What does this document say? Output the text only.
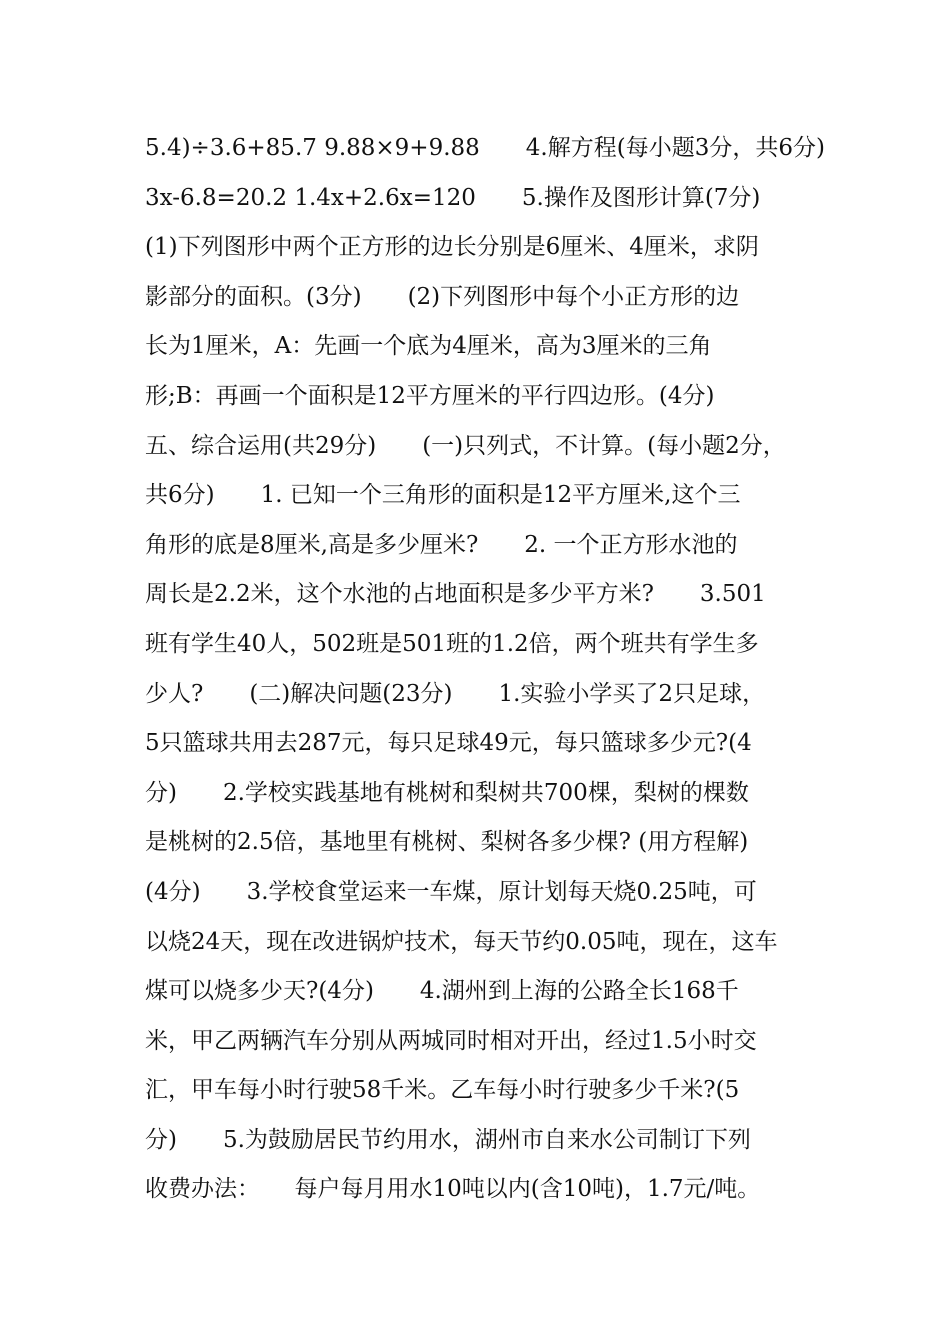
5.4)÷3.6+85.7 9.88×9+9.88　　4.解方程(每小题3分，共6分)
3x-6.8=20.2 1.4x+2.6x=120　　5.操作及图形计算(7分)
(1)下列图形中两个正方形的边长分别是6厘米、4厘米，求阴
影部分的面积。(3分)　　(2)下列图形中每个小正方形的边
长为1厘米，A：先画一个底为4厘米，高为3厘米的三角
形;B：再画一个面积是12平方厘米的平行四边形。(4分)
五、综合运用(共29分)　　(一)只列式，不计算。(每小题2分，
共6分)　　1. 已知一个三角形的面积是12平方厘米,这个三
角形的底是8厘米,高是多少厘米?　　2. 一个正方形水池的
周长是2.2米，这个水池的占地面积是多少平方米?　　3.501
班有学生40人，502班是501班的1.2倍，两个班共有学生多
少人?　　(二)解决问题(23分)　　1.实验小学买了2只足球，
5只篮球共用去287元，每只足球49元，每只篮球多少元?(4
分)　　2.学校实践基地有桃树和梨树共700棵，梨树的棵数
是桃树的2.5倍，基地里有桃树、梨树各多少棵? (用方程解)
(4分)　　3.学校食堂运来一车煤，原计划每天烧0.25吨，可
以烧24天，现在改进锅炉技术，每天节约0.05吨，现在，这车
煤可以烧多少天?(4分)　　4.湖州到上海的公路全长168千
米，甲乙两辆汽车分别从两城同时相对开出，经过1.5小时交
汇，甲车每小时行驶58千米。乙车每小时行驶多少千米?(5
分)　　5.为鼓励居民节约用水，湖州市自来水公司制订下列
收费办法：　　每户每月用水10吨以内(含10吨)，1.7元/吨。
